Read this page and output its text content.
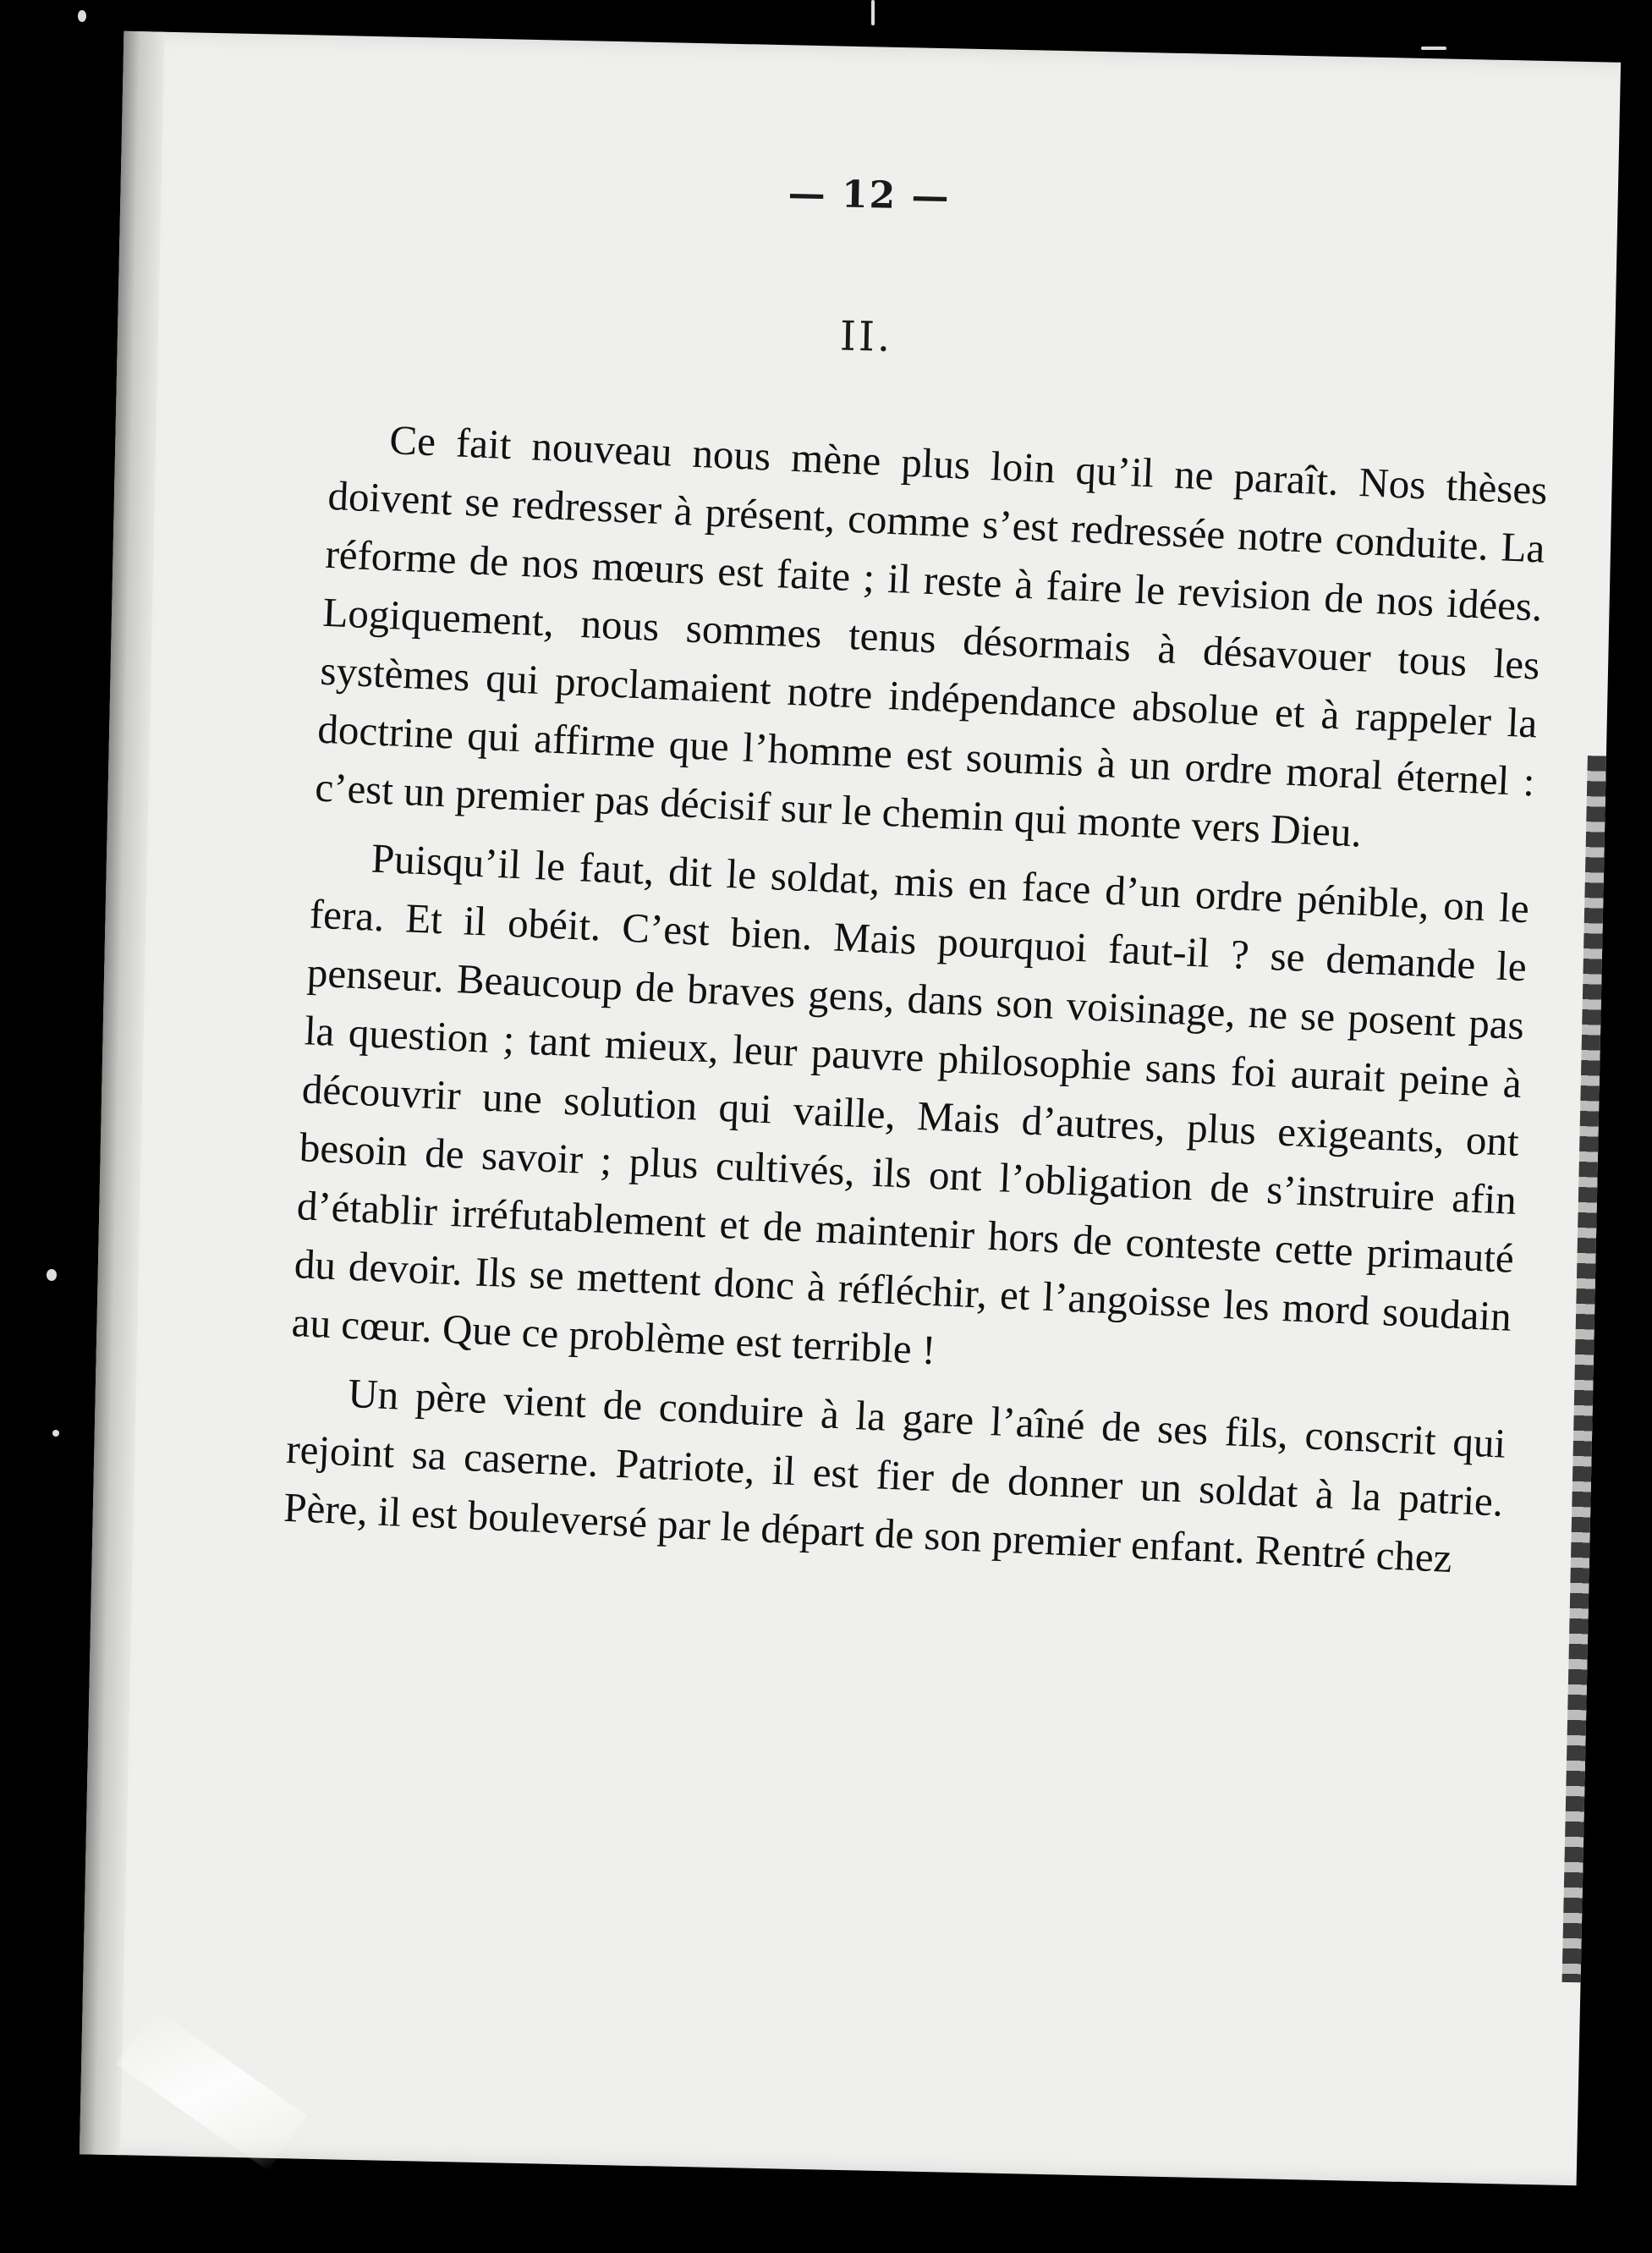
— 12 —
II.

Ce fait nouveau nous mène plus loin qu’il ne paraît. Nos thèses doivent se redresser à présent, comme s’est redressée notre conduite. La réforme de nos mœurs est faite ; il reste à faire le revision de nos idées. Logiquement, nous sommes tenus désormais à désavouer tous les systèmes qui proclamaient notre indépendance absolue et à rappeler la doctrine qui affirme que l’homme est soumis à un ordre moral éternel : c’est un premier pas décisif sur le chemin qui monte vers Dieu.

Puisqu’il le faut, dit le soldat, mis en face d’un ordre pénible, on le fera. Et il obéit. C’est bien. Mais pourquoi faut-il ? se demande le penseur. Beaucoup de braves gens, dans son voisinage, ne se posent pas la question ; tant mieux, leur pauvre philosophie sans foi aurait peine à découvrir une solution qui vaille, Mais d’autres, plus exigeants, ont besoin de savoir ; plus cultivés, ils ont l’obligation de s’instruire afin d’établir irréfutablement et de maintenir hors de conteste cette primauté du devoir. Ils se mettent donc à réfléchir, et l’angoisse les mord soudain au cœur. Que ce problème est terrible !

Un père vient de conduire à la gare l’aîné de ses fils, conscrit qui rejoint sa caserne. Patriote, il est fier de donner un soldat à la patrie. Père, il est bouleversé par le départ de son premier enfant. Rentré chez
